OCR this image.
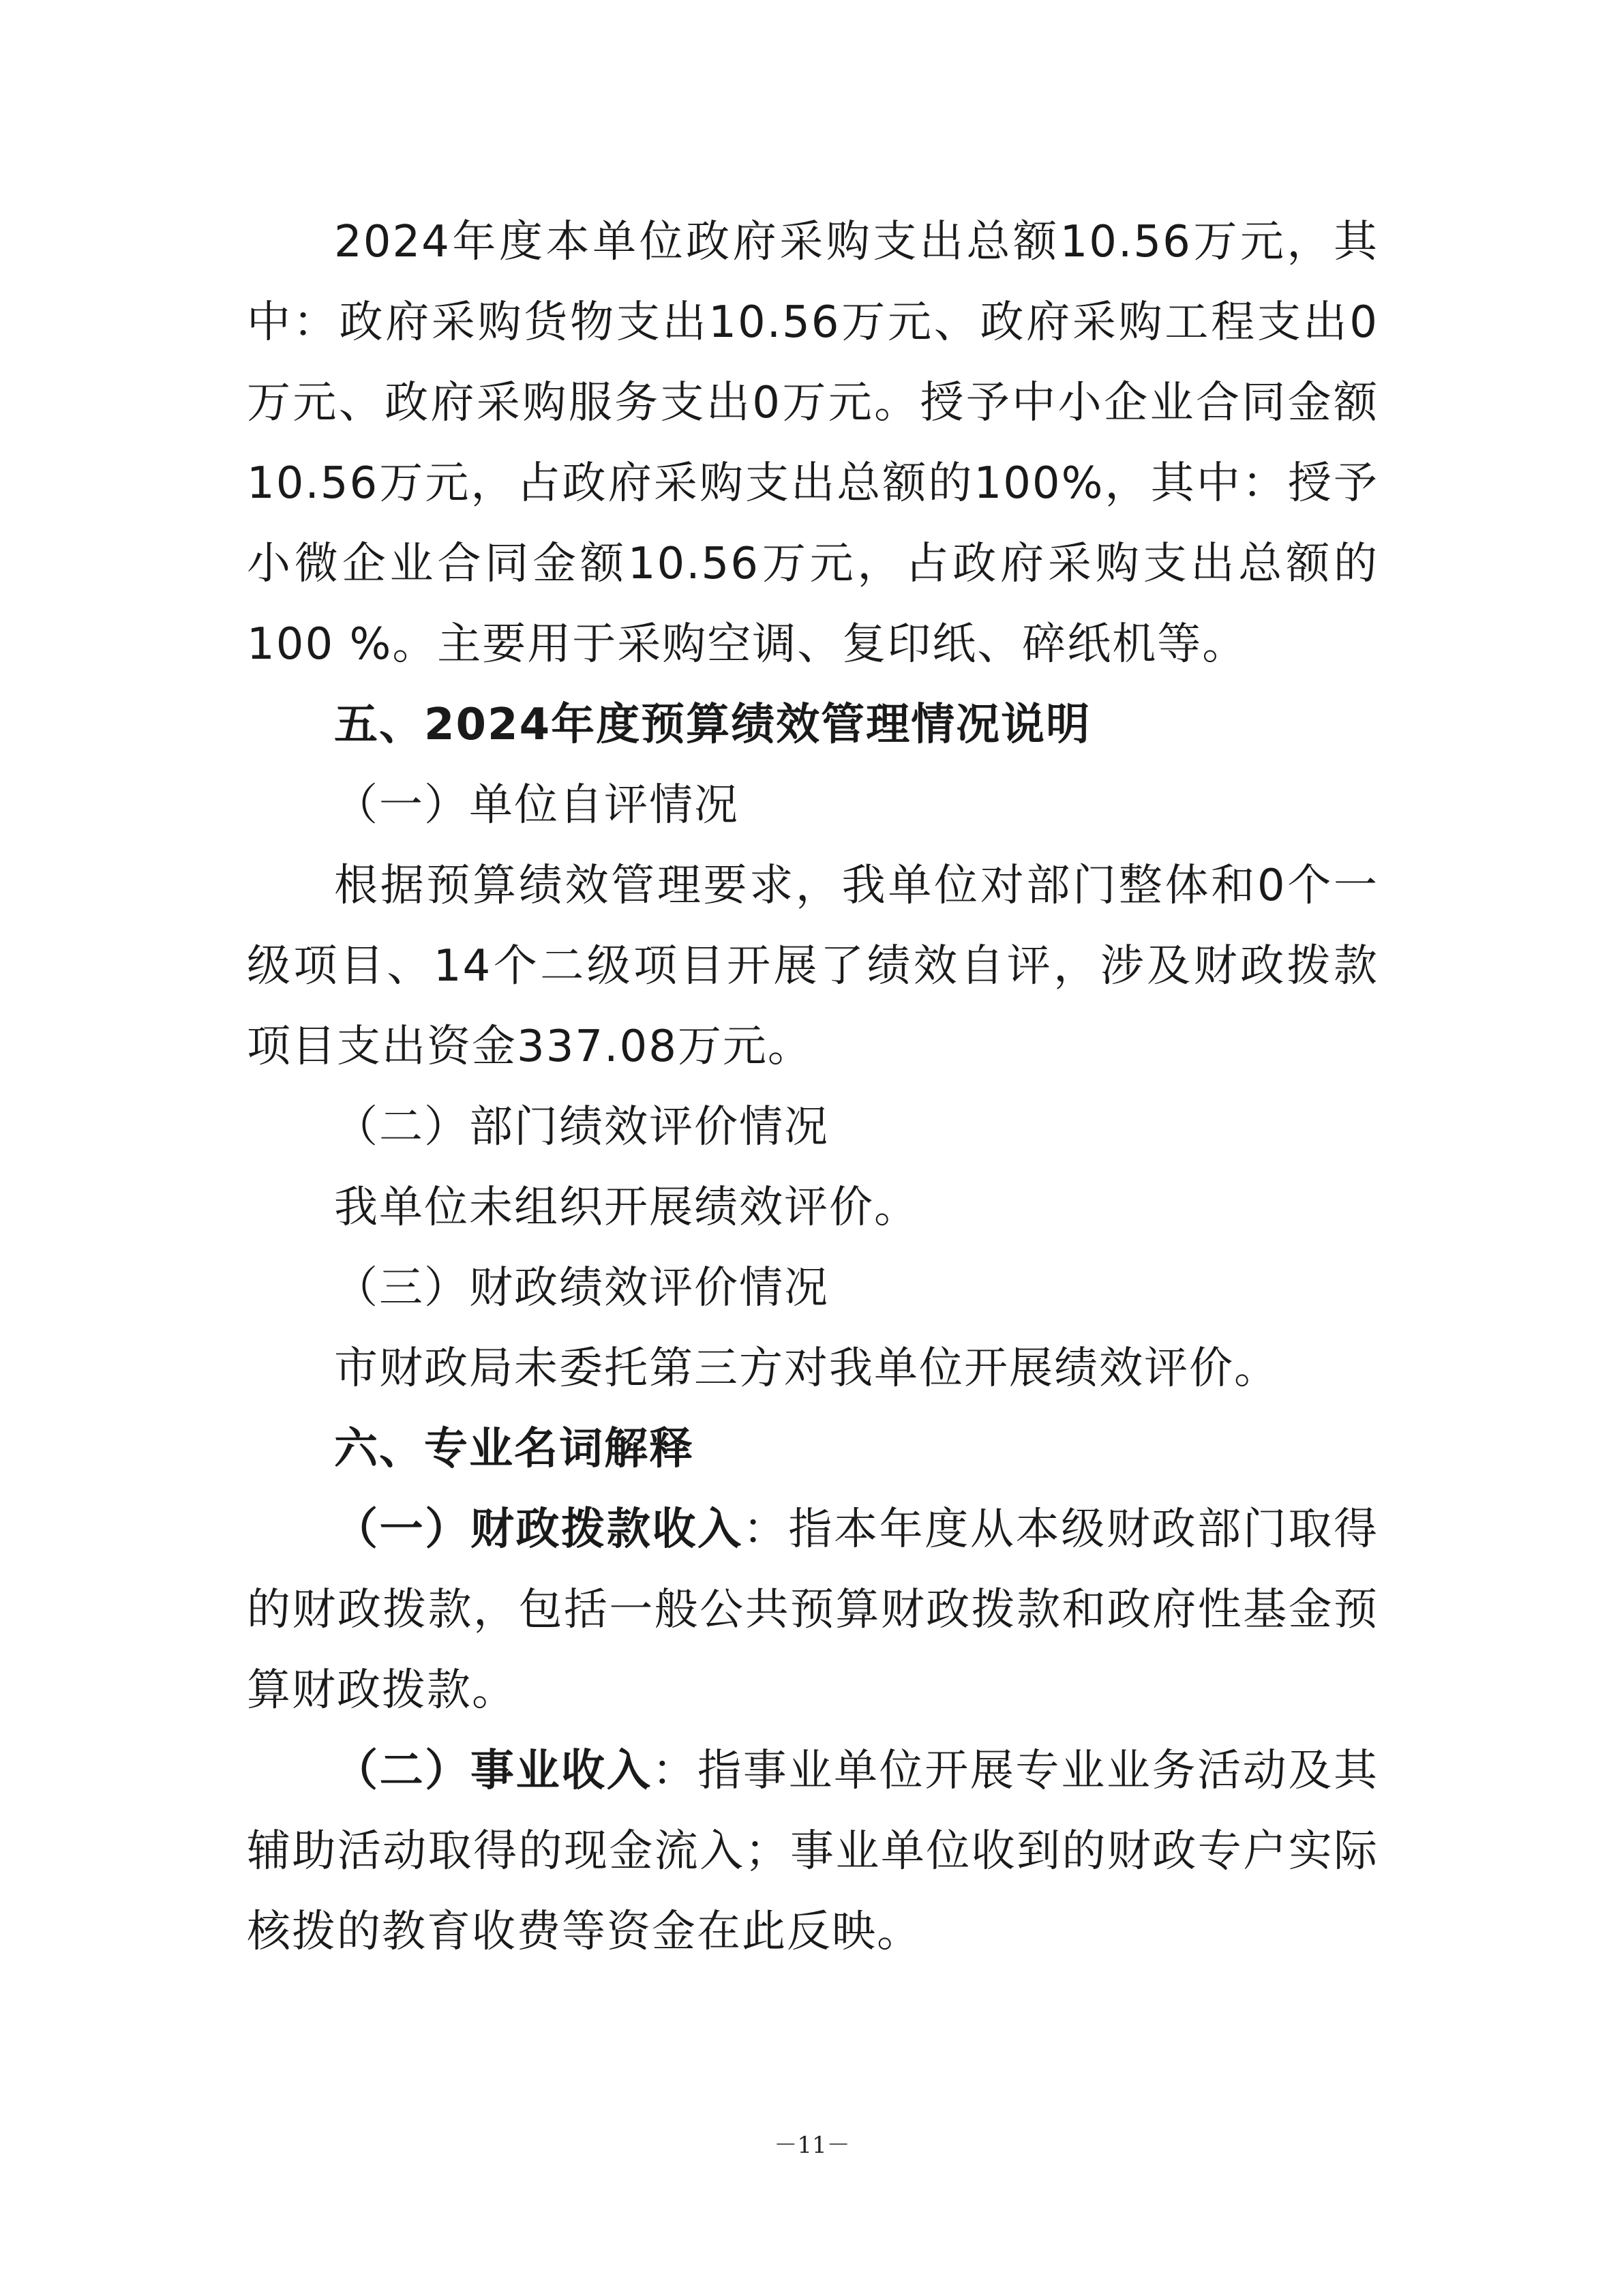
2024年度本单位政府采购支出总额10.56万元，其中：政府采购货物支出10.56万元、政府采购工程支出0万元、政府采购服务支出0万元。授予中小企业合同金额10.56万元，占政府采购支出总额的100%，其中：授予小微企业合同金额10.56万元，占政府采购支出总额的100 %。主要用于采购空调、复印纸、碎纸机等。

五、2024年度预算绩效管理情况说明

（一）单位自评情况

根据预算绩效管理要求，我单位对部门整体和0个一级项目、14个二级项目开展了绩效自评，涉及财政拨款项目支出资金337.08万元。

（二）部门绩效评价情况

我单位未组织开展绩效评价。

（三）财政绩效评价情况

市财政局未委托第三方对我单位开展绩效评价。

六、专业名词解释

（一）财政拨款收入：指本年度从本级财政部门取得的财政拨款，包括一般公共预算财政拨款和政府性基金预算财政拨款。

（二）事业收入：指事业单位开展专业业务活动及其辅助活动取得的现金流入；事业单位收到的财政专户实际核拨的教育收费等资金在此反映。

－11－
